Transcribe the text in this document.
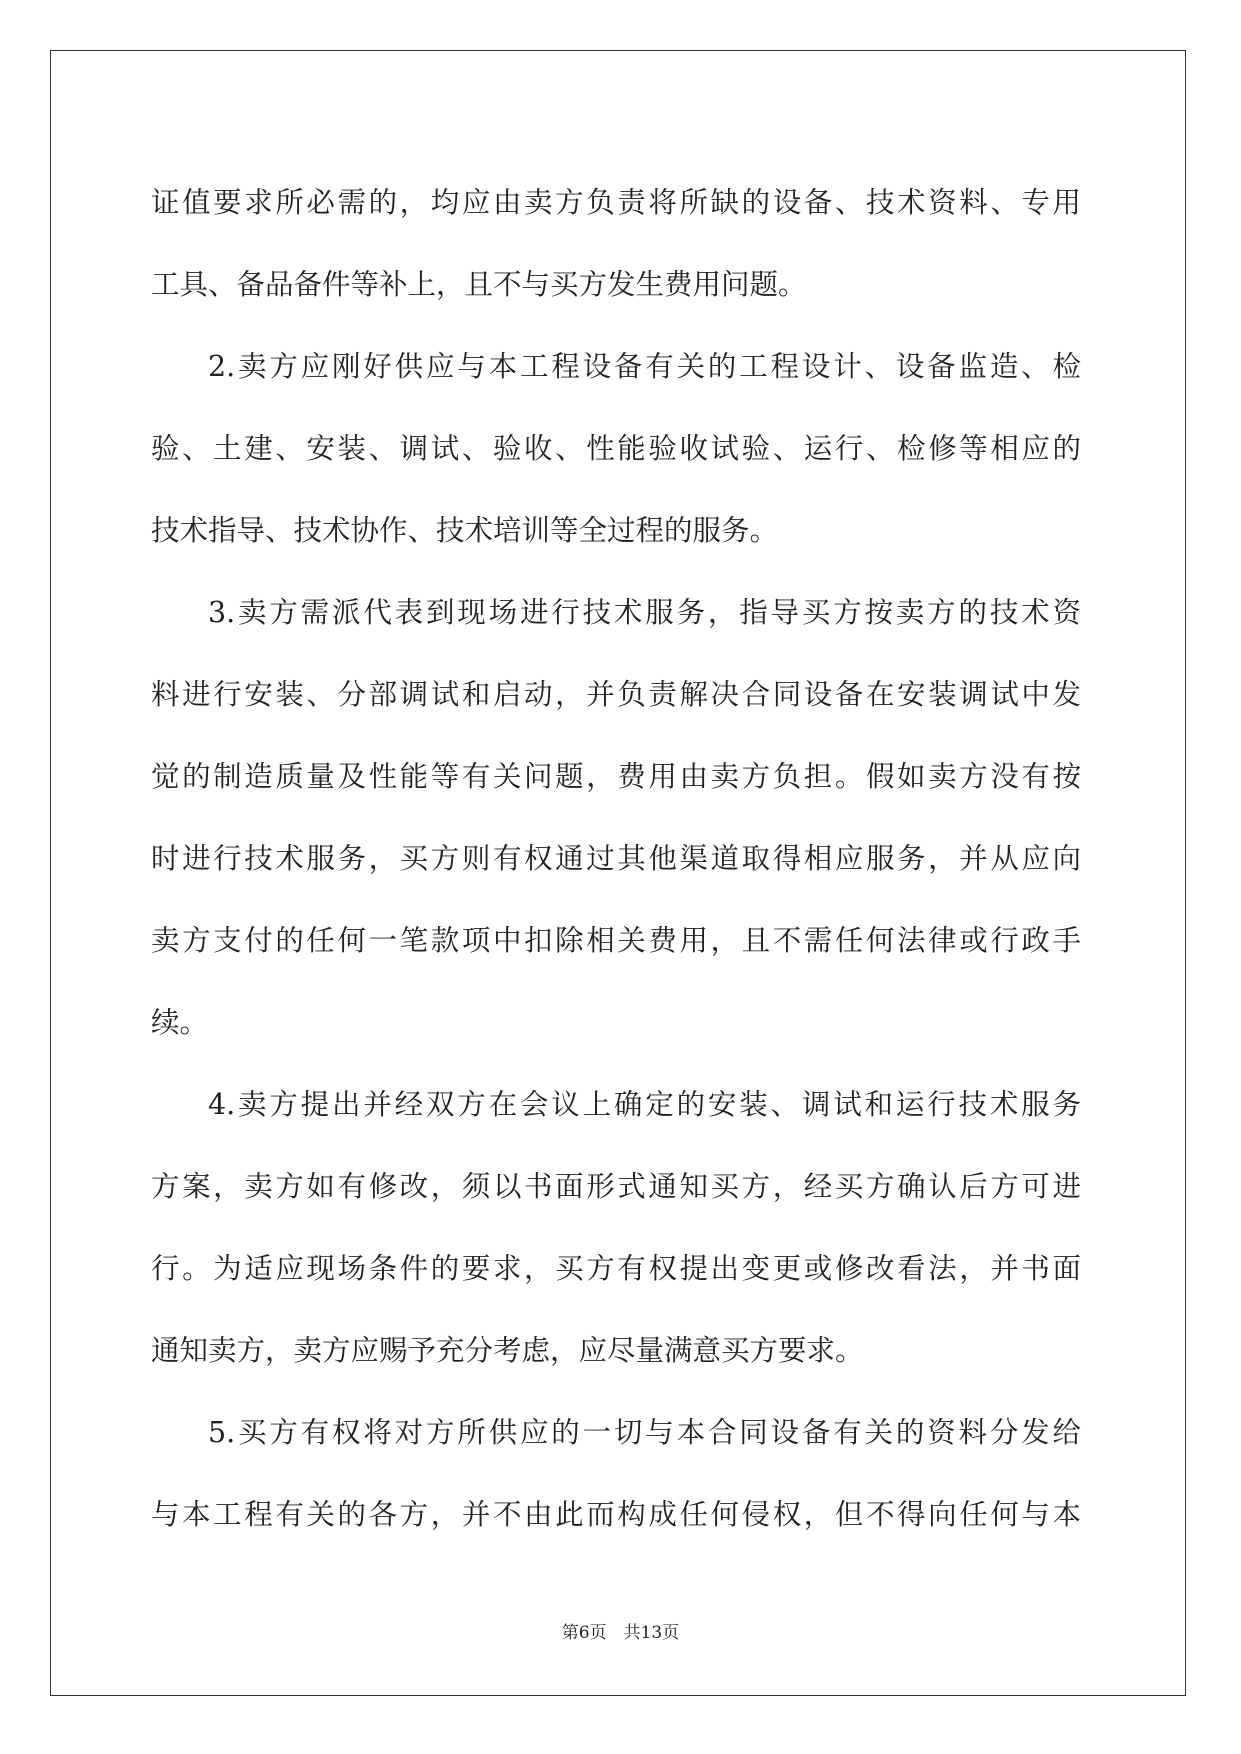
证值要求所必需的，均应由卖方负责将所缺的设备、技术资料、专用
工具、备品备件等补上，且不与买方发生费用问题。
2.卖方应刚好供应与本工程设备有关的工程设计、设备监造、检
验、土建、安装、调试、验收、性能验收试验、运行、检修等相应的
技术指导、技术协作、技术培训等全过程的服务。
3.卖方需派代表到现场进行技术服务，指导买方按卖方的技术资
料进行安装、分部调试和启动，并负责解决合同设备在安装调试中发
觉的制造质量及性能等有关问题，费用由卖方负担。假如卖方没有按
时进行技术服务，买方则有权通过其他渠道取得相应服务，并从应向
卖方支付的任何一笔款项中扣除相关费用，且不需任何法律或行政手
续。
4.卖方提出并经双方在会议上确定的安装、调试和运行技术服务
方案，卖方如有修改，须以书面形式通知买方，经买方确认后方可进
行。为适应现场条件的要求，买方有权提出变更或修改看法，并书面
通知卖方，卖方应赐予充分考虑，应尽量满意买方要求。
5.买方有权将对方所供应的一切与本合同设备有关的资料分发给
与本工程有关的各方，并不由此而构成任何侵权，但不得向任何与本
第6页　共13页
